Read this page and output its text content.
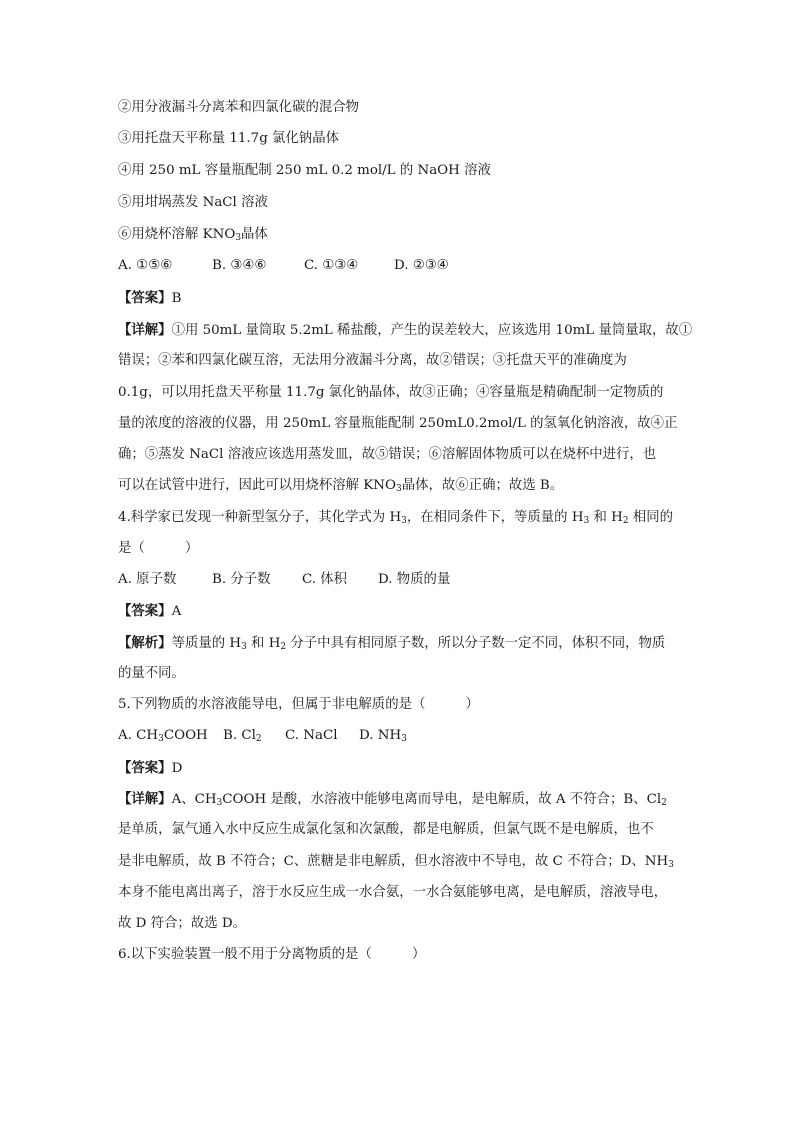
②用分液漏斗分离苯和四氯化碳的混合物
③用托盘天平称量 11.7g 氯化钠晶体
④用 250 mL 容量瓶配制 250 mL 0.2 mol/L 的 NaOH 溶液
⑤用坩埚蒸发 NaCl 溶液
⑥用烧杯溶解 $KNO_3$晶体
A. ①⑤⑥	B. ③④⑥	C. ①③④	D. ②③④
【答案】B
【详解】①用 50mL 量筒取 5.2mL 稀盐酸，产生的误差较大，应该选用 10mL 量筒量取，故①
错误；②苯和四氯化碳互溶，无法用分液漏斗分离，故②错误；③托盘天平的准确度为
0.1g，可以用托盘天平称量 11.7g 氯化钠晶体，故③正确；④容量瓶是精确配制一定物质的
量的浓度的溶液的仪器，用 250mL 容量瓶能配制 250mL0.2mol/L 的氢氧化钠溶液，故④正
确；⑤蒸发 NaCl 溶液应该选用蒸发皿，故⑤错误；⑥溶解固体物质可以在烧杯中进行，也
可以在试管中进行，因此可以用烧杯溶解 $KNO_3$晶体，故⑥正确；故选 B。
4.科学家已发现一种新型氢分子，其化学式为 $H_3$，在相同条件下，等质量的 $H_3$ 和 $H_2$ 相同的
是（　　　）
A. 原子数	B. 分子数 C. 体积 D. 物质的量
【答案】A
【解析】等质量的 $H_3$ 和 $H_2$ 分子中具有相同原子数，所以分子数一定不同，体积不同，物质
的量不同。
5.下列物质的水溶液能导电，但属于非电解质的是（　　　）
A. $CH_3COOH$ B. $Cl_2$ C. NaCl D. $NH_3$
【答案】D
【详解】A、$CH_3COOH$ 是酸，水溶液中能够电离而导电，是电解质，故 A 不符合；B、$Cl_2$
是单质，氯气通入水中反应生成氯化氢和次氯酸，都是电解质，但氯气既不是电解质，也不
是非电解质，故 B 不符合；C、蔗糖是非电解质，但水溶液中不导电，故 C 不符合；D、$NH_3$
本身不能电离出离子，溶于水反应生成一水合氨，一水合氨能够电离，是电解质，溶液导电，
故 D 符合；故选 D。
6.以下实验装置一般不用于分离物质的是（　　　）
